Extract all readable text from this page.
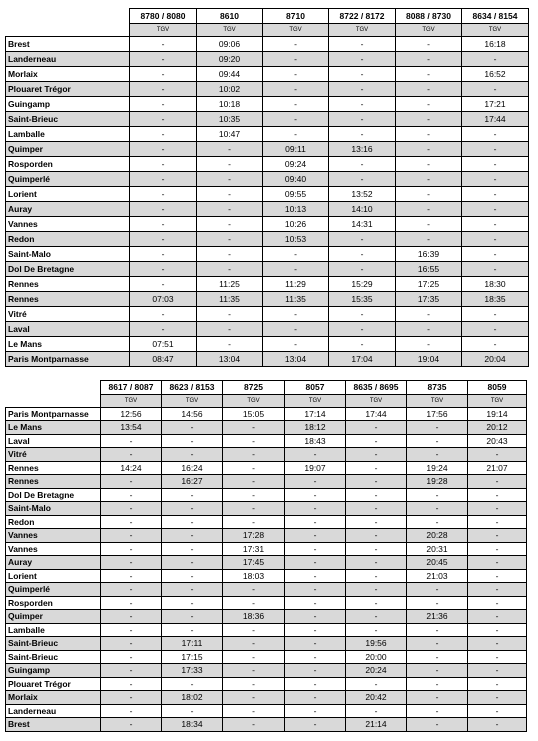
	8780 / 8080	8610	8710	8722 / 8172	8088 / 8730	8634 / 8154
	TGV	TGV	TGV	TGV	TGV	TGV
Brest	-	09:06	-	-	-	16:18
Landerneau	-	09:20	-	-	-	-
Morlaix	-	09:44	-	-	-	16:52
Plouaret Trégor	-	10:02	-	-	-	-
Guingamp	-	10:18	-	-	-	17:21
Saint-Brieuc	-	10:35	-	-	-	17:44
Lamballe	-	10:47	-	-	-	-
Quimper	-	-	09:11	13:16	-	-
Rosporden	-	-	09:24	-	-	-
Quimperlé	-	-	09:40	-	-	-
Lorient	-	-	09:55	13:52	-	-
Auray	-	-	10:13	14:10	-	-
Vannes	-	-	10:26	14:31	-	-
Redon	-	-	10:53	-	-	-
Saint-Malo	-	-	-	-	16:39	-
Dol De Bretagne	-	-	-	-	16:55	-
Rennes	-	11:25	11:29	15:29	17:25	18:30
Rennes	07:03	11:35	11:35	15:35	17:35	18:35
Vitré	-	-	-	-	-	-
Laval	-	-	-	-	-	-
Le Mans	07:51	-	-	-	-	-
Paris Montparnasse	08:47	13:04	13:04	17:04	19:04	20:04
	8617 / 8087	8623 / 8153	8725	8057	8635 / 8695	8735	8059
	TGV	TGV	TGV	TGV	TGV	TGV	TGV
Paris Montparnasse	12:56	14:56	15:05	17:14	17:44	17:56	19:14
Le Mans	13:54	-	-	18:12	-	-	20:12
Laval	-	-	-	18:43	-	-	20:43
Vitré	-	-	-	-	-	-	-
Rennes	14:24	16:24	-	19:07	-	19:24	21:07
Rennes	-	16:27	-	-	-	19:28	-
Dol De Bretagne	-	-	-	-	-	-	-
Saint-Malo	-	-	-	-	-	-	-
Redon	-	-	-	-	-	-	-
Vannes	-	-	17:28	-	-	20:28	-
Vannes	-	-	17:31	-	-	20:31	-
Auray	-	-	17:45	-	-	20:45	-
Lorient	-	-	18:03	-	-	21:03	-
Quimperlé	-	-	-	-	-	-	-
Rosporden	-	-	-	-	-	-	-
Quimper	-	-	18:36	-	-	21:36	-
Lamballe	-	-	-	-	-	-	-
Saint-Brieuc	-	17:11	-	-	19:56	-	-
Saint-Brieuc	-	17:15	-	-	20:00	-	-
Guingamp	-	17:33	-	-	20:24	-	-
Plouaret Trégor	-	-	-	-	-	-	-
Morlaix	-	18:02	-	-	20:42	-	-
Landerneau	-	-	-	-	-	-	-
Brest	-	18:34	-	-	21:14	-	-
